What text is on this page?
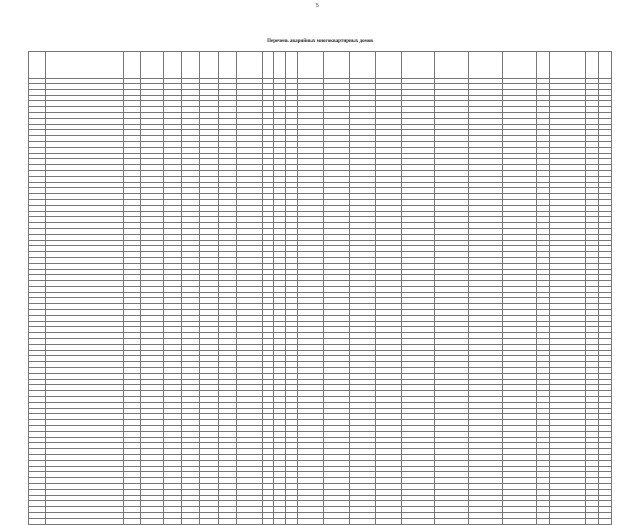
5
Перечень аварийных многоквартирных домов
